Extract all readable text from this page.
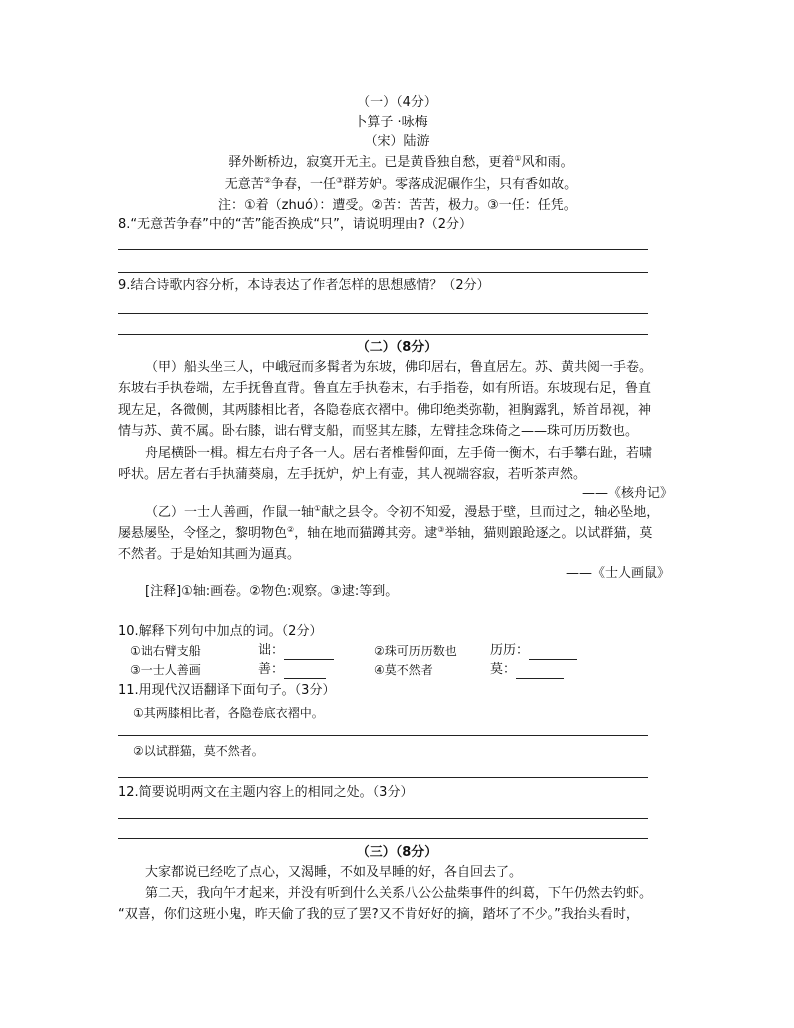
（一）（4分）
卜算子 ·咏梅
（宋）陆游
驿外断桥边，寂寞开无主。已是黄昏独自愁，更着①风和雨。
无意苦②争春，一任③群芳妒。零落成泥碾作尘，只有香如故。
注：①着（zhuó）：遭受。②苦：苦苦，极力。③一任：任凭。
8.“无意苦争春”中的“苦”能否换成“只”，请说明理由?（2分）
9.结合诗歌内容分析，本诗表达了作者怎样的思想感情？（2分）
（二）（8分）
（甲）船头坐三人，中峨冠而多髯者为东坡，佛印居右，鲁直居左。苏、黄共阅一手卷。
东坡右手执卷端，左手抚鲁直背。鲁直左手执卷末，右手指卷，如有所语。东坡现右足，鲁直
现左足，各微侧，其两膝相比者，各隐卷底衣褶中。佛印绝类弥勒，袒胸露乳，矫首昂视，神
情与苏、黄不属。卧右膝，诎右臂支船，而竖其左膝，左臂挂念珠倚之——珠可历历数也。
舟尾横卧一楫。楫左右舟子各一人。居右者椎髻仰面，左手倚一衡木，右手攀右趾，若啸
呼状。居左者右手执蒲葵扇，左手抚炉，炉上有壶，其人视端容寂，若听茶声然。
——《核舟记》
（乙）一士人善画，作鼠一轴①献之县令。令初不知爱，漫悬于壁，旦而过之，轴必坠地，
屡悬屡坠，令怪之，黎明物色②，轴在地而猫蹲其旁。逮③举轴，猫则踉跄逐之。以试群猫，莫
不然者。于是始知其画为逼真。
——《士人画鼠》
[注释]①轴:画卷。②物色:观察。③逮:等到。
10.解释下列句中加点的词。（2分）
①诎右臂支船	诎：	②珠可历历数也	历历：
③一士人善画	善：	④莫不然者	莫：
11.用现代汉语翻译下面句子。（3分）
①其两膝相比者，各隐卷底衣褶中。
②以试群猫，莫不然者。
12.简要说明两文在主题内容上的相同之处。（3分）
（三）（8分）
大家都说已经吃了点心，又渴睡，不如及早睡的好，各自回去了。
第二天，我向午才起来，并没有听到什么关系八公公盐柴事件的纠葛，下午仍然去钓虾。
“双喜，你们这班小鬼，昨天偷了我的豆了罢?又不肯好好的摘，踏坏了不少。”我抬头看时，
